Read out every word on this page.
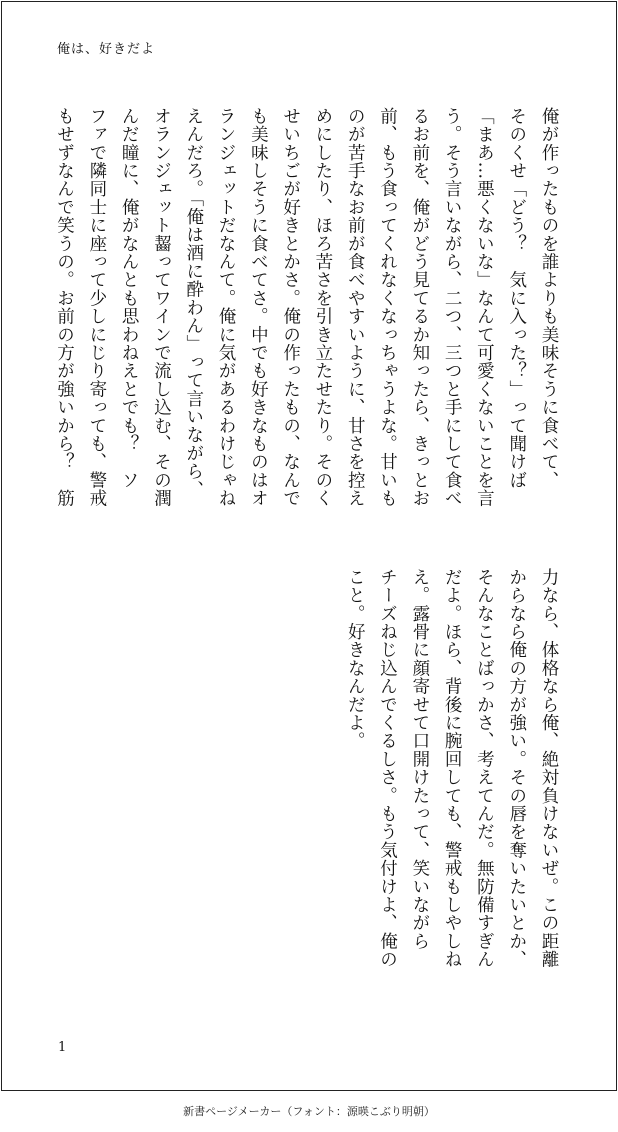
俺は、好きだよ
俺が作ったものを誰よりも美味そうに食べて、
そのくせ「どう？　気に入った？」って聞けば
「まあ…悪くないな」なんて可愛くないことを言
う。そう言いながら、二つ、三つと手にして食べ
るお前を、俺がどう見てるか知ったら、きっとお
前、もう食ってくれなくなっちゃうよな。甘いも
のが苦手なお前が食べやすいように、甘さを控え
めにしたり、ほろ苦さを引き立たせたり。そのく
せいちごが好きとかさ。俺の作ったもの、なんで
も美味しそうに食べてさ。中でも好きなものはオ
ランジェットだなんて。俺に気があるわけじゃね
えんだろ。「俺は酒に酔わん」って言いながら、
オランジェット齧ってワインで流し込む、その潤
んだ瞳に、俺がなんとも思わねえとでも？　ソ
ファで隣同士に座って少しにじり寄っても、警戒
もせずなんで笑うの。お前の方が強いから？　筋
力なら、体格なら俺、絶対負けないぜ。この距離
からなら俺の方が強い。その唇を奪いたいとか、
そんなことばっかさ、考えてんだ。無防備すぎん
だよ。ほら、背後に腕回しても、警戒もしやしね
え。露骨に顔寄せて口開けたって、笑いながら
チーズねじ込んでくるしさ。もう気付けよ、俺の
こと。好きなんだよ。
1
新書ページメーカー（フォント：源暎こぶり明朝）
